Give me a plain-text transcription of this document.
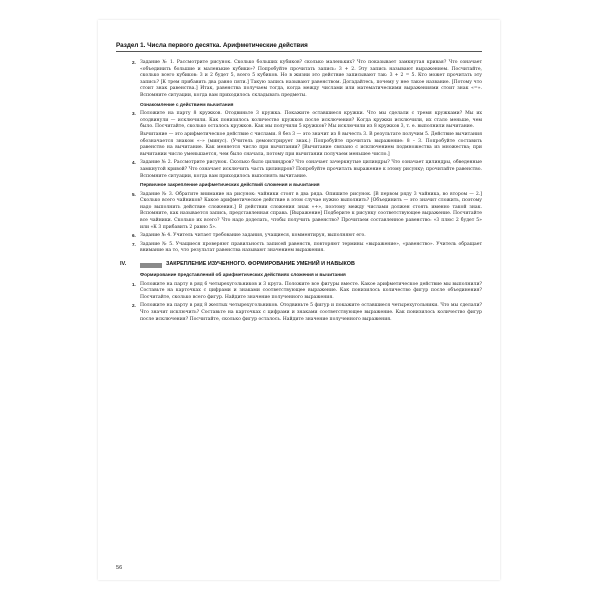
Раздел 1. Числа первого десятка. Арифметические действия
2. Задание № 1. Рассмотрите рисунок. Сколько больших кубиков? сколько маленьких? Что показывает замкнутая кривая? Что означает «объединить большие и маленькие кубики»? Попробуйте прочитать запись: 3 + 2. Эту запись называют выражением. Посчитайте, сколько всего кубиков: 3 и 2 будет 5, всего 5 кубиков. Но в жизни это действие записывают так: 3 + 2 = 5. Кто может прочитать эту запись? [К трем прибавить два равно пяти.] Такую запись называют равенством. Догадайтесь, почему у нее такое название. [Потому что стоит знак равенства.] Итак, равенства получаем тогда, когда между числами или математическими выражениями стоит знак «=». Вспомните ситуации, когда вам приходилось складывать предметы.

Ознакомление с действием вычитания
3. Положите на парту 8 кружков. Отодвиньте 3 кружка. Покажите оставшиеся кружки. Что мы сделали с тремя кружками? Мы их отодвинули — исключили. Как понизилось количество кружков после исключения? Когда кружки исключили, их стало меньше, чем было. Посчитайте, сколько осталось кружков. Как мы получили 5 кружков? Мы исключили из 8 кружков 3, т. е. выполнили вычитание.

Вычитание — это арифметическое действие с числами. 8 без 3 — это значит из 8 вычесть 3. В результате получим 5. Действие вычитания обозначается знаком «–» (минус). (Учитель демонстрирует знак.) Попробуйте прочитать выражение: 8 – 3. Попробуйте составить равенство на вычитание. Как меняется число при вычитании? [Вычитание связано с исключением подмножества из множества; при вычитании число уменьшается, чем было сначала, потому при вычитании получаем меньшее число.]

4. Задание № 2. Рассмотрите рисунок. Сколько было цилиндров? Что означает зачеркнутые цилиндры? Что означает цилиндры, обведенные замкнутой кривой? Что означает исключить часть цилиндров? Попробуйте прочитать выражение к этому рисунку; прочитайте равенство. Вспомните ситуации, когда вам приходилось выполнять вычитание.

Первичное закрепление арифметических действий сложения и вычитания
5. Задание № 3. Обратите внимание на рисунок: чайники стоят в два ряда. Опишите рисунок. [В первом ряду 3 чайника, во втором — 2.] Сколько всего чайников? Какое арифметическое действие в этом случае нужно выполнить? [Объединить — это значит сложить, поэтому надо выполнить действие сложения.] В действии сложения знак «+», поэтому между числами должен стоять именно такой знак. Вспомните, как называется запись, представленная справа. [Выражение] Подберите к рисунку соответствующее выражение. Посчитайте все чайники. Сколько их всего? Что надо доделать, чтобы получить равенство? Прочитаем составленное равенство: «3 плюс 2 будет 5» или «К 3 прибавить 2 равно 5».

6. Задание № 4. Учитель читает требование задания, учащиеся, комментируя, выполняют его.

7. Задание № 5. Учащиеся проверяют правильность записей равенств, повторяют термины «выражение», «равенство». Учитель обращает внимание на то, что результат равенства называют значением выражения.

IV.	ЗАКРЕПЛЕНИЕ ИЗУЧЕННОГО. ФОРМИРОВАНИЕ УМЕНИЙ И НАВЫКОВ
Формирование представлений об арифметических действиях сложения и вычитания
1. Положите на парту в ряд 6 четырехугольников и 3 круга. Положите все фигуры вместе. Какое арифметическое действие мы выполнили? Составьте на карточках с цифрами и знаками соответствующее выражение. Как понизилось количество фигур после объединения? Посчитайте, сколько всего фигур. Найдите значение полученного выражения.

2. Положите на парту в ряд 8 желтых четырехугольников. Отодвиньте 5 фигур и покажите оставшиеся четырехугольники. Что мы сделали? Что значит исключить? Составьте на карточках с цифрами и знаками соответствующее выражение. Как понизилось количество фигур после исключения? Посчитайте, сколько фигур осталось. Найдите значение полученного выражения.

56
